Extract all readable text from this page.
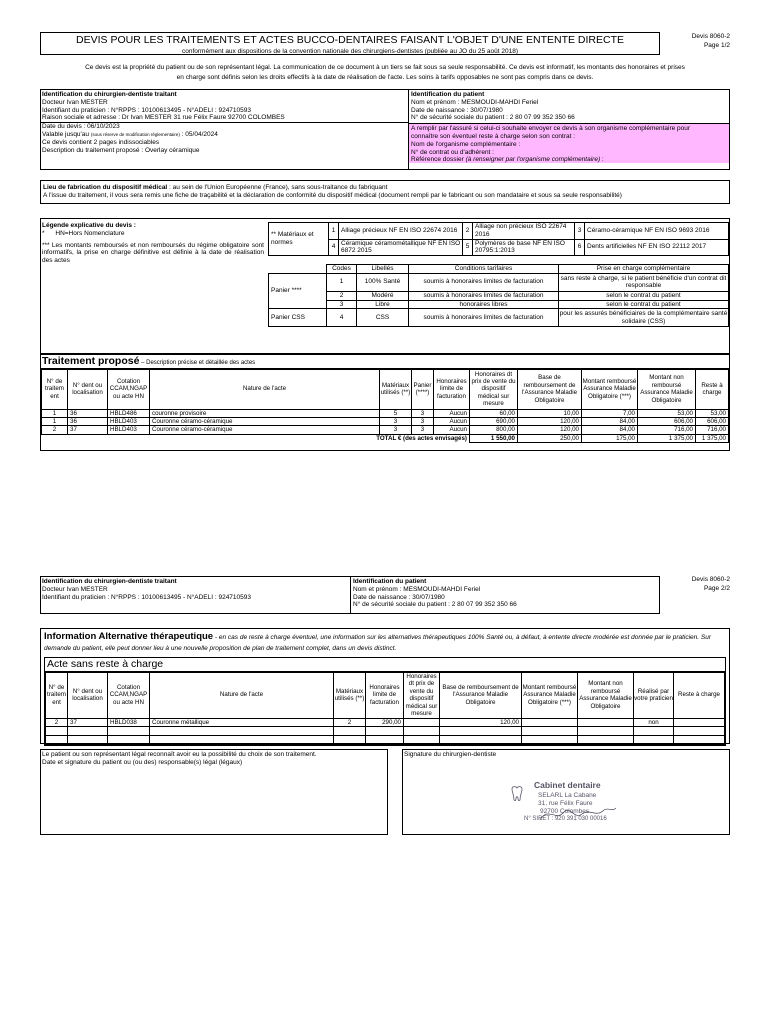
DEVIS POUR LES TRAITEMENTS ET ACTES BUCCO-DENTAIRES FAISANT L'OBJET D'UNE ENTENTE DIRECTE
conformément aux dispositions de la convention nationale des chirurgiens-dentistes (publiée au JO du 25 août 2018)
Devis 8060-2
Page 1/2
Ce devis est la propriété du patient ou de son représentant légal. La communication de ce document à un tiers se fait sous sa seule responsabilité. Ce devis est informatif, les montants des honoraires et prises
en charge sont définis selon les droits effectifs à la date de réalisation de l'acte. Les soins à tarifs opposables ne sont pas compris dans ce devis.
Identification du chirurgien-dentiste traitant
Docteur Ivan MESTER
Identifiant du praticien : N°RPPS : 10100613495 - N°ADELI : 924710593
Raison sociale et adresse : Dr Ivan MESTER 31 rue Félix Faure 92700 COLOMBES
Date du devis : 06/10/2023
Valable jusqu'au (sous réserve de modification réglementaire) : 05/04/2024
Ce devis contient 2 pages indissociables
Description du traitement proposé : Overlay céramique
Identification du patient
Nom et prénom : MESMOUDI-MAHDI Feriel
Date de naissance : 30/07/1980
N° de sécurité sociale du patient : 2 80 07 99 352 350 66
A remplir par l'assuré si celui-ci souhaite envoyer ce devis à son organisme complémentaire pour
connaître son éventuel reste à charge selon son contrat :
Nom de l'organisme complémentaire :
N° de contrat ou d'adhérent :
Référence dossier (à renseigner par l'organisme complémentaire) :
Lieu de fabrication du dispositif médical : au sein de l'Union Européenne (France), sans sous-traitance du fabriquant
A l'issue du traitement, il vous sera remis une fiche de traçabilité et la déclaration de conformité du dispositif médical (document rempli par le fabricant ou son mandataire et sous sa seule responsabilité)
Légende explicative du devis :
* HN=Hors Nomenclature
*** Les montants remboursés et non remboursés du régime obligatoire sont informatifs, la prise en charge définitive est définie à la date de réalisation des actes
** Matériaux et normes	1	Alliage précieux NF EN ISO 22674 2016	2	Alliage non précieux ISO 22674 2016	3	Céramo-céramique NF EN ISO 9693 2016
	4	Céramique céramométallique NF EN ISO 6872 2015	5	Polymères de base NF EN ISO 20795:1:2013	6	Dents artificielles NF EN ISO 22112 2017
	Codes	Libellés	Conditions tarifaires	Prise en charge complémentaire
Panier ****	1	100% Santé	soumis à honoraires limites de facturation	sans reste à charge, si le patient bénéficie d'un contrat dit responsable
	2	Modéré	soumis à honoraires limites de facturation	selon le contrat du patient
	3	Libre	honoraires libres	selon le contrat du patient
Panier CSS	4	CSS	soumis à honoraires limites de facturation	pour les assurés bénéficiaires de la complémentaire santé solidaire (CSS)
Traitement proposé – Description précise et détaillée des actes
N° de traitem ent	N° dent ou localisation	Cotation CCAM,NGAP ou acte HN	Nature de l'acte	Matériaux utilisés (**)	Panier (****)	Honoraires limite de facturation	Honoraires dt prix de vente du dispositif médical sur mesure	Base de remboursement de l'Assurance Maladie Obligatoire	Montant remboursé Assurance Maladie Obligatoire (***)	Montant non remboursé Assurance Maladie Obligatoire	Reste à charge
1	36	HBLD486	couronne provisoire	5	3	Aucun	60,00	10,00	7,00	53,00	53,00
1	36	HBLD403	Couronne céramo-céramique	3	3	Aucun	690,00	120,00	84,00	606,00	606,00
2	37	HBLD403	Couronne céramo-céramique	3	3	Aucun	800,00	120,00	84,00	716,00	716,00
TOTAL € (des actes envisagés)							1 550,00	250,00	175,00	1 375,00	1 375,00
Identification du chirurgien-dentiste traitant
Docteur Ivan MESTER
Identifiant du praticien : N°RPPS : 10100613495 - N°ADELI : 924710593
Identification du patient
Nom et prénom : MESMOUDI-MAHDI Feriel
Date de naissance : 30/07/1980
N° de sécurité sociale du patient : 2 80 07 99 352 350 66
Devis 8060-2
Page 2/2
Information Alternative thérapeutique - en cas de reste à charge éventuel, une information sur les alternatives thérapeutiques 100% Santé ou, à défaut, à entente directe modérée est donnée par le praticien. Sur demande du patient, elle peut donner lieu à une nouvelle proposition de plan de traitement complet, dans un devis distinct.
Acte sans reste à charge
N° de traitem ent	N° dent ou localisation	Cotation CCAM,NGAP ou acte HN	Nature de l'acte	Matériaux utilisés (**)	Honoraires limite de facturation	Honoraires dt prix de vente du dispositif médical sur mesure	Base de remboursement de l'Assurance Maladie Obligatoire	Montant remboursé Assurance Maladie Obligatoire (***)	Montant non remboursé Assurance Maladie Obligatoire	Réalisé par votre praticien	Reste à charge
2	37	HBLD038	Couronne métallique	2	290,00		120,00			non	

Le patient ou son représentant légal reconnaît avoir eu la possibilité du choix de son traitement.
Date et signature du patient ou (ou des) responsable(s) légal (légaux)
Signature du chirurgien-dentiste
Cabinet dentaire
SELARL La Cabane
31, rue Félix Faure
92700 Colombes
N° SIRET : 920 391 030 00016
